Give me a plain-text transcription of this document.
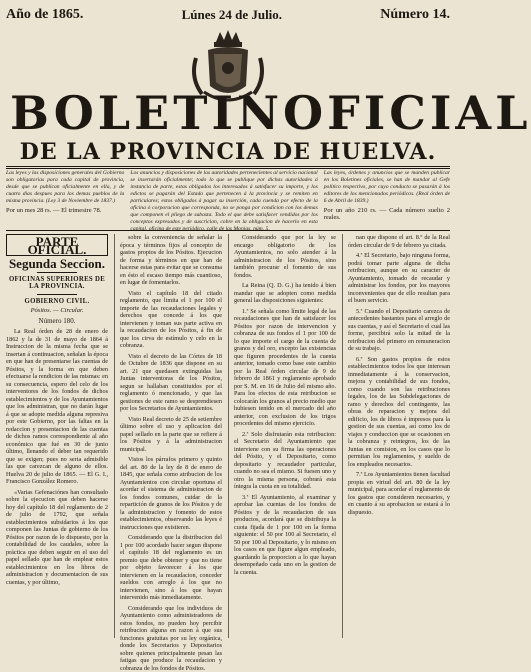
Año de 1865.	Lúnes 24 de Julio.	Número 14.
BOLETIN OFICIAL
DE LA PROVINCIA DE HUELVA.

Las leyes y las disposiciones generales del Gobierno son obligatorias para cada capital de provincia, desde que se publican oficialmente en ella, y de cuatro dias despues para los demas pueblos de la misma provincia. (Ley 3 de Noviembre de 1837.)

Por un mes 28 rs. — El trimestre 78.

Los anuncios y disposiciones de las autoridades pertenecientes al servicio nacional se insertarán oficialmente; todo lo que se publique por dichas autoridades á instancia de parte, estas obligados los interesados á satisfacer su importe, y los edictos se pagarán del Estado que pertenecen á la provincia y se remiten en particulares; estos obligados á pagar su inserción, cada cuenda por efecto de la oficina ó corporacion que corresponda, no se ponga por condicion con los demas que componen el pliego de subasta. Todo el que debe satisfacer vendidos por los conceptos expresados y de suscricion, cobre en la obligacion de hacerlo en esta capital, oficina de este periódico, calle de las Monjas, núm. 5.

Las leyes, órdenes y anuncios que se manden publicar en los Boletines oficiales, se han de mandar al Gefe político respectivo, por cuyo conducto se pasarán á los editores de los mencionados periódicos. (Real órden de 6 de Abril de 1839.)

Por un año 210 rs. — Cada número suelto 2 reales.

PARTE OFICIAL.
Segunda Seccion.
OFICINAS SUPERIORES DE LA PROVINCIA.
GOBIERNO CIVIL.
Pósitos. — Circular.
Número 180.

La Real órden de 28 de enero de 1862 y la de 31 de mayo de 1864 á Instruccion de la misma fecha que se insertan á continuacion, señalan la época en que han de presentarse las cuentas de Pósitos, y la forma en que deben efectuarse la rendicion de las mismas: en su consecuencia, espero del celo de los interventores de los fondos de dichos establecimientos y de los Ayuntamientos que los administran, que no darán lugar á que se adopte medida alguna represiva por este Gobierno, por las faltas en la redaccion y presentacion de las cuentas de dichos ramos correspondiente al año económico que fué en 30 de junio último, llenando el deber tan requerido que se exigen; pues no seria admisible las que carezcan de alguno de ellos. Huelva 20 de julio de 1865. — El G. I., Francisco González Romero.

«Varias Gefenaciónes han consultado sobre la ejecucion que deben hacerse hoy del capítulo 18 del reglamento de 2 de julio de 1792, que señala establecimientos subsidarios á los que componen las Juntas de gobierno de los Pósitos por razon de lo dispuesto, por la contabilidad de los caudales, sobre la práctica que deben seguir en el uso del papel sellado que han de emplear estos establecimientos en los libros de administracion y documentacion de sus cuentas, y por último,

sobre la conveniencia de señalar la época y términos fijos al concepto de gastos propios de los Pósitos. Ejecucion de forma y términos en que han de hacerse estas para evitar que se consuma en ésto el escaso tiempo más cuantioso, en lugar de fomentarlos.

Visto el capítulo 18 del citado reglamento, que limita el 1 por 100 el importe de las recaudaciones legales y derechos que concede á los que intervienen y toman sus parte activa en la recaudacion de los Pósitos, á fin de que los cirva de estímulo y celo en la cobranza.

Visto el decreto de las Córtes de 18 de Octubre de 1836 que dispone en su art. 21 que quedasen extinguidas las Juntas interventoras de los Pósitos, segun se hallaban constituidos por el reglamento ó mencionado, y que las gestiones de este ramo se desprendiesen por los Secretarios de Ayuntamientos.

Visto Real decreto de 25 de setiembre último sobre el uso y aplicacion del papel sellado en la parte que se refiere á los Pósitos y á la administracion municipal.

Vistos los párrafos primero y quinto del art. 80 de la ley de 8 de enero de 1845, que señala como atribucion de los Ayuntamientos con circular oportuna el acordar el sistema de administracion de los fondos comunes, cuidar de la repartición de granos de los Pósitos y de la administracion y fomento de estos establecimientos, observando las leyes é instrucciones que existieren.

Considerando que la distribucion del 1 por 100 acordado hacer segun dispone el capítulo 18 del reglamento es un premio que debe obtener y que no tiene por objeto favorecer á los que intervienen en la recaudacion, conceder sueldos con arreglo á los que no intervienen, sino á los que hayan intervenido más inmediatamente.

Considerando que los individuos de Ayuntamiento como administradores de estos fondos, no pueden hoy percibir retribucion alguna en razon á que sus funciones gratuitas por su ley orgánica, donde los Secretarios y Depositarios sobre quienes principalmente pesan las fatigas que produce la recaudacion y cobranza de los fondos de Pósitos.

Considerando que por la ley se encargo obligatorio de los Ayuntamientos, no solo atender á la administracion de los Pósitos, sino también procurar el fomento de sus fondos.

La Reina (Q. D. G.) ha tenido á bien mandar que se adopten como medida general las disposiciones siguientes:

1.ª Se señala como límite legal de las recaudaciones que han de satisfacer los Pósitos por razon de intervencion y cobranza de sus fondos el 1 por 100 de lo que importe el cargo de la cuenta de granos y del oro, excepto las existencias que figuren procedentes de la cuenta anterior, tomado como base este cambio por la Real órden circular de 9 de febrero de 1861 y reglamento aprobado por S. M. en 16 de Julio del mismo año. Para los efectos de esta retribucion se colocarán los granos al precio medio que hubiesen tenido en el mercado del año anterior, con exclusion de los trigos procedentes del mismo ejercicio.

2.ª Solo disfrutarán esta retribucion: el Secretario del Ayuntamiento que interviene con su firma las operaciones del Pósito, y el Depositario, como depositario y recaudador particular, cuando no sea el mismo. Si fuesen uno y otro la misma persona, cobrará esta íntegra la cuota en su totalidad.

3.ª El Ayuntamiento, al examinar y aprobar las cuentas de los fondos de Pósitos y de la recaudacion de sus productos, acordará que se distribuya la cuota fijada de 1 por 100 en la forma siguiente: el 50 por 100 al Secretario, el 50 por 100 al Depositario, y lo mismo en los casos en que figure algun empleado, guardando la proporcion a lo que hayan desempeñado cada uno en la gestion de la cuenta.

nan que dispone el art. 8.º de la Real órden circular de 9 de febrero ya citada.

4.ª El Secretario, bajo ninguna forma, podrá tomar parte alguna de dicha retribucion, aunque en su caracter de Ayuntamiento, tomado de recaudar y administrar los fondos, por los mayores inconvenientes que de ello resultan para el buen servicio.

5.ª Cuando el Depositario carezca de antecedentes bastantes para el arreglo de sus cuentas, y así el Secretario el cual las forme, percibirá solo la mitad de la retribucion del primero en remuneracion de su trabajo.

6.ª Son gastos propios de estos establecimientos todos los que interesan inmediatamente á la conservacion, mejora y contabilidad de sus fondos, como cuando son las retribuciones legales, los de las Subdelegaciones de ramo y derechos del contingente, las obras de reparacion y mejora del edificio, los de libros é impresos para la gestion de sus cuentas, así como los de viajes y conduccion que se ocasionen en la cobranza y reintegros, los de las Juntas en comision, en los casos que lo permitan los reglamentos, y sueldo de los empleados necesarios.

7.ª Los Ayuntamientos tienen facultad propia en virtud del art. 80 de la ley municipal, para acordar el reglamento de los gastos que consideren necesarios, y en cuanto á su aprobacion se estará á lo dispuesto.
